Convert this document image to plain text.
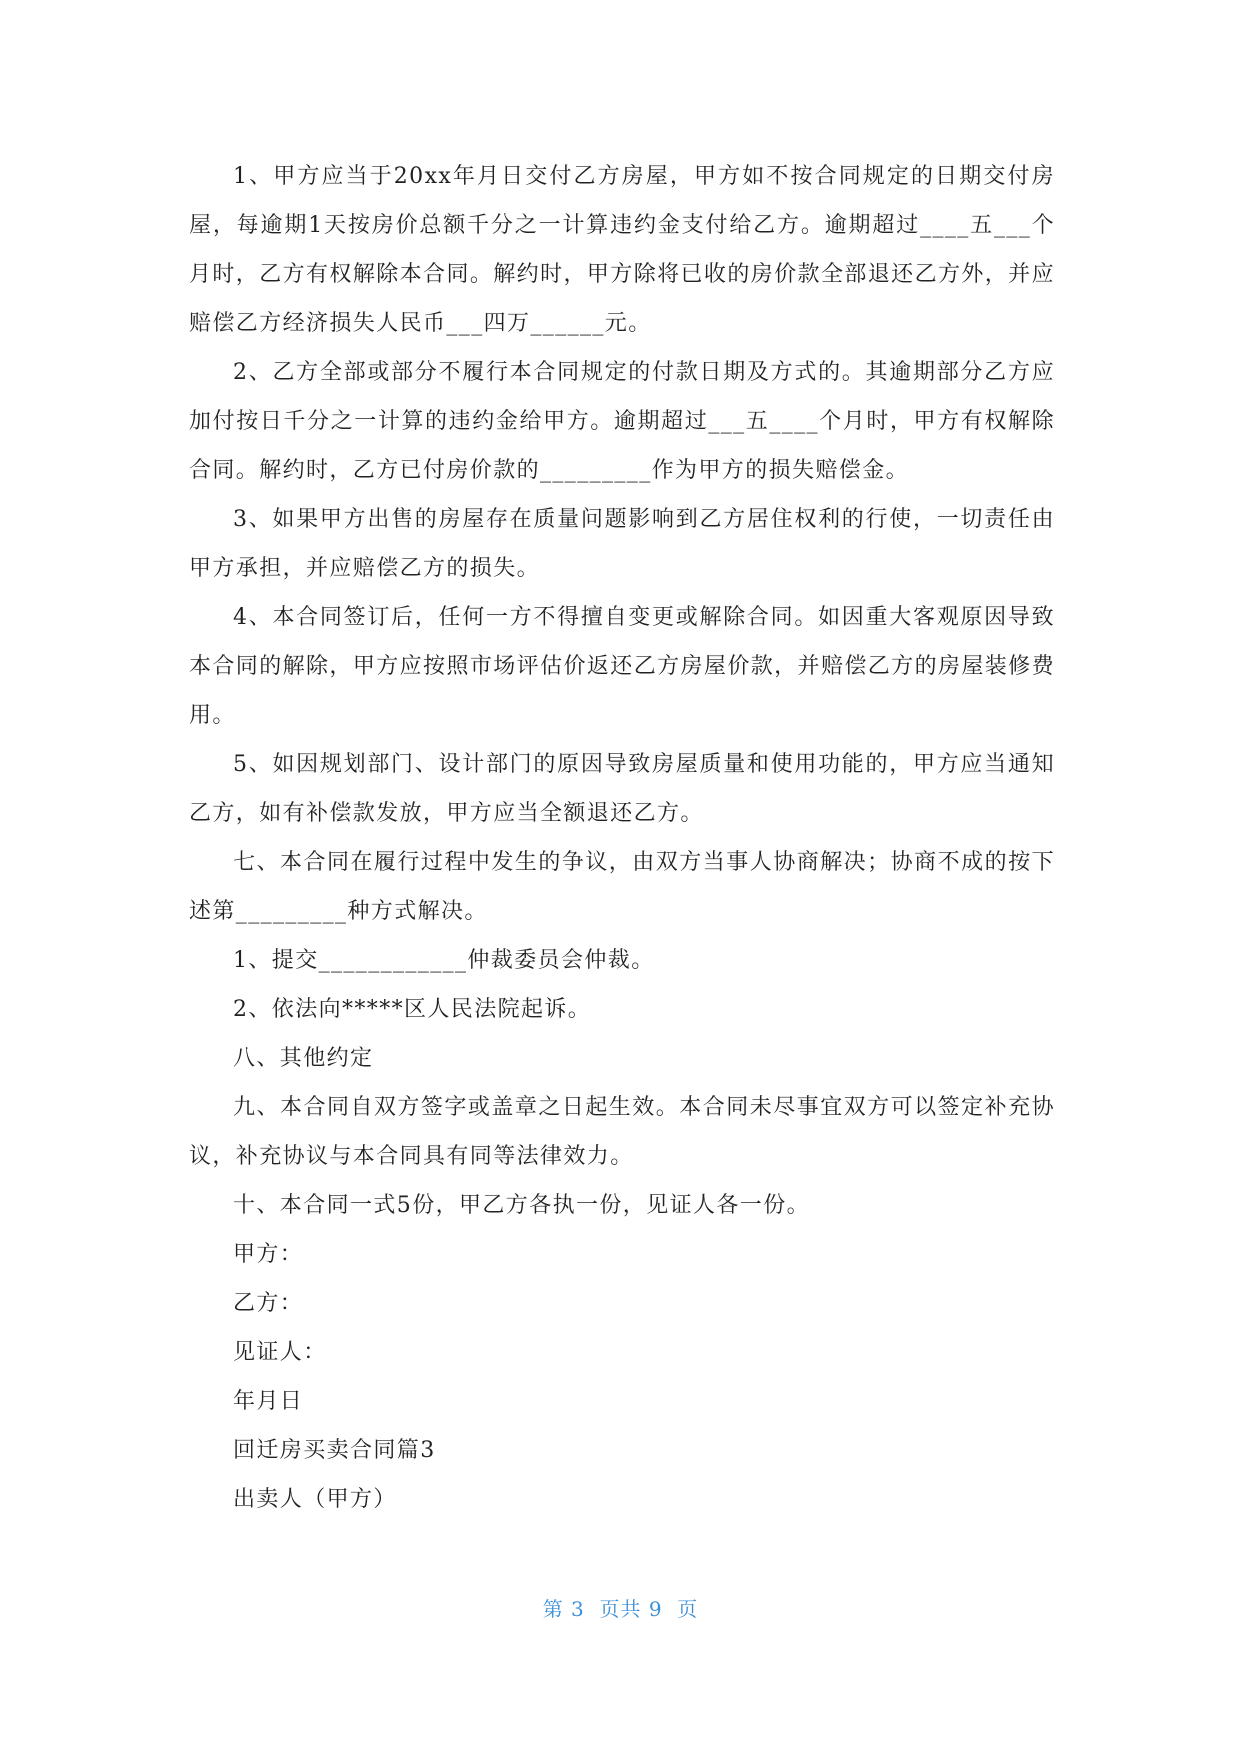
1、甲方应当于20xx年月日交付乙方房屋，甲方如不按合同规定的日期交付房屋，每逾期1天按房价总额千分之一计算违约金支付给乙方。逾期超过____五___个月时，乙方有权解除本合同。解约时，甲方除将已收的房价款全部退还乙方外，并应赔偿乙方经济损失人民币___四万______元。

2、乙方全部或部分不履行本合同规定的付款日期及方式的。其逾期部分乙方应加付按日千分之一计算的违约金给甲方。逾期超过___五____个月时，甲方有权解除合同。解约时，乙方已付房价款的_________作为甲方的损失赔偿金。

3、如果甲方出售的房屋存在质量问题影响到乙方居住权利的行使，一切责任由甲方承担，并应赔偿乙方的损失。

4、本合同签订后，任何一方不得擅自变更或解除合同。如因重大客观原因导致本合同的解除，甲方应按照市场评估价返还乙方房屋价款，并赔偿乙方的房屋装修费用。

5、如因规划部门、设计部门的原因导致房屋质量和使用功能的，甲方应当通知乙方，如有补偿款发放，甲方应当全额退还乙方。

七、本合同在履行过程中发生的争议，由双方当事人协商解决；协商不成的按下述第_________种方式解决。

1、提交____________仲裁委员会仲裁。

2、依法向*****区人民法院起诉。

八、其他约定

九、本合同自双方签字或盖章之日起生效。本合同未尽事宜双方可以签定补充协议，补充协议与本合同具有同等法律效力。

十、本合同一式5份，甲乙方各执一份，见证人各一份。

甲方：

乙方：

见证人：

年月日

回迁房买卖合同篇3

出卖人（甲方）

第 3  页共 9  页
